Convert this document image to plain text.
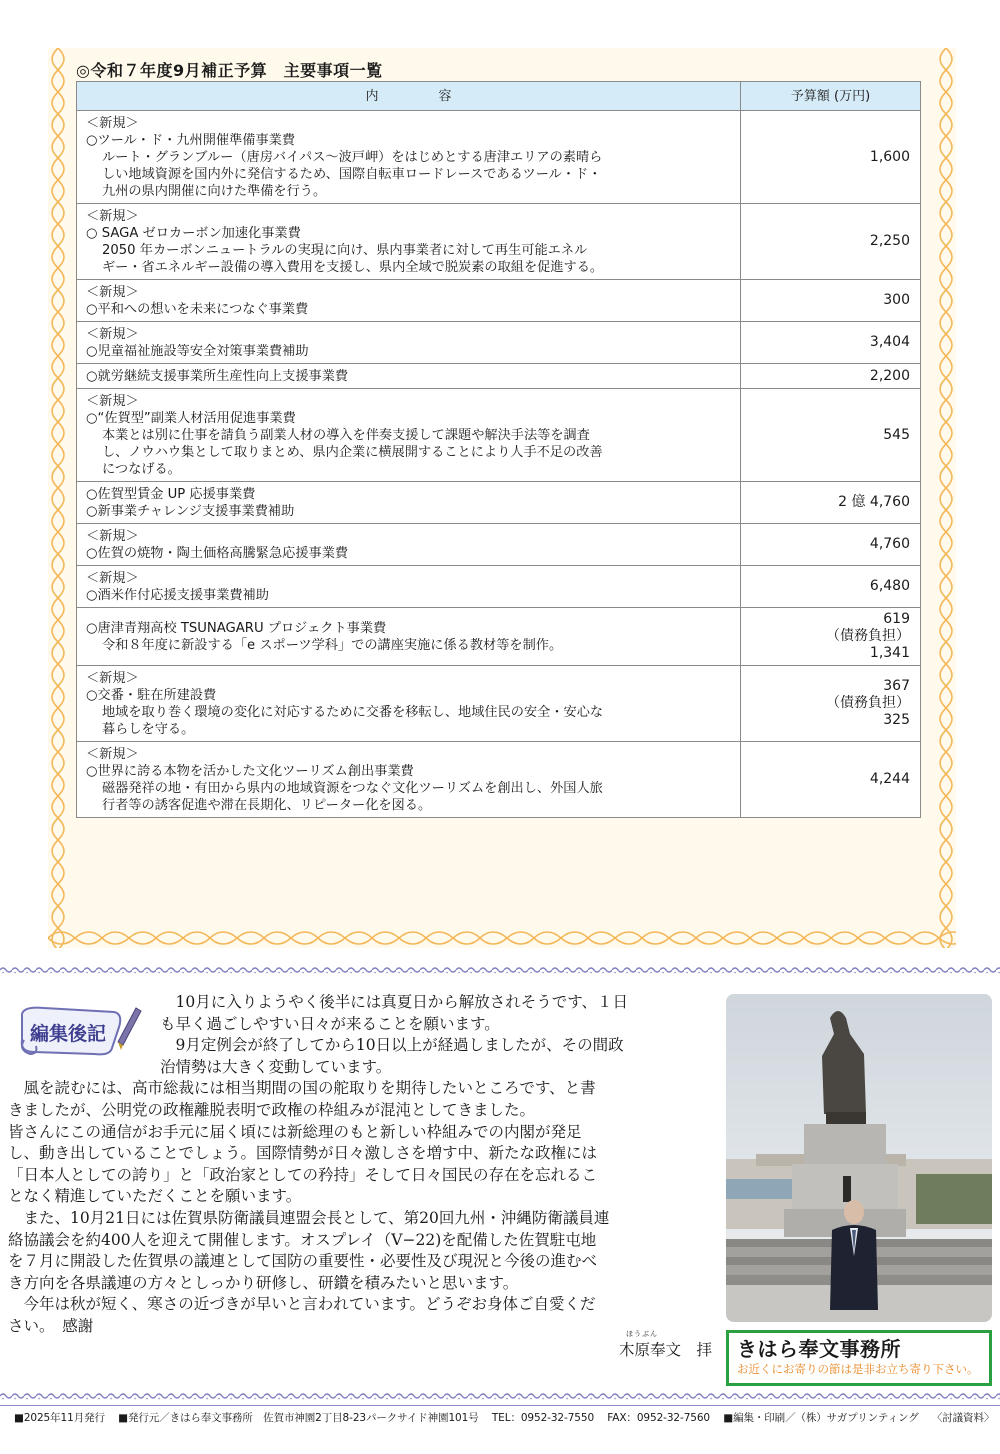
◎令和７年度9月補正予算　主要事項一覧
内容	予算額 (万円)

＜新規＞
○ツール・ド・九州開催準備事業費
ルート・グランブルー（唐房バイパス～波戸岬）をはじめとする唐津エリアの素晴ら
しい地域資源を国内外に発信するため、国際自転車ロードレースであるツール・ド・
九州の県内開催に向けた準備を行う。	1,600

＜新規＞
○ SAGA ゼロカーボン加速化事業費
2050 年カーボンニュートラルの実現に向け、県内事業者に対して再生可能エネル
ギー・省エネルギー設備の導入費用を支援し、県内全域で脱炭素の取組を促進する。	2,250

＜新規＞
○平和への想いを未来につなぐ事業費	300

＜新規＞
○児童福祉施設等安全対策事業費補助	3,404

○就労継続支援事業所生産性向上支援事業費	2,200

＜新規＞
○“佐賀型”副業人材活用促進事業費
本業とは別に仕事を請負う副業人材の導入を伴奏支援して課題や解決手法等を調査
し、ノウハウ集として取りまとめ、県内企業に横展開することにより人手不足の改善
につなげる。	545

○佐賀型賃金 UP 応援事業費
○新事業チャレンジ支援事業費補助	2 億 4,760

＜新規＞
○佐賀の焼物・陶土価格高騰緊急応援事業費	4,760

＜新規＞
○酒米作付応援支援事業費補助	6,480

○唐津青翔高校 TSUNAGARU プロジェクト事業費
令和８年度に新設する「e スポーツ学科」での講座実施に係る教材等を制作。	619
（債務負担）
1,341

＜新規＞
○交番・駐在所建設費
地域を取り巻く環境の変化に対応するために交番を移転し、地域住民の安全・安心な
暮らしを守る。	367
（債務負担）
325

＜新規＞
○世界に誇る本物を活かした文化ツーリズム創出事業費
磁器発祥の地・有田から県内の地域資源をつなぐ文化ツーリズムを創出し、外国人旅
行者等の誘客促進や滞在長期化、リピーター化を図る。	4,244
編集後記
　10月に入りようやく後半には真夏日から解放されそうです、１日
も早く過ごしやすい日々が来ることを願います。
　9月定例会が終了してから10日以上が経過しましたが、その間政
治情勢は大きく変動しています。
　風を読むには、高市総裁には相当期間の国の舵取りを期待したいところです、と書
きましたが、公明党の政権離脱表明で政権の枠組みが混沌としてきました。
皆さんにこの通信がお手元に届く頃には新総理のもと新しい枠組みでの内閣が発足
し、動き出していることでしょう。国際情勢が日々激しさを増す中、新たな政権には
「日本人としての誇り」と「政治家としての矜持」そして日々国民の存在を忘れるこ
となく精進していただくことを願います。
　また、10月21日には佐賀県防衛議員連盟会長として、第20回九州・沖縄防衛議員連
絡協議会を約400人を迎えて開催します。オスプレイ（V−22)を配備した佐賀駐屯地
を７月に開設した佐賀県の議連として国防の重要性・必要性及び現況と今後の進むべ
き方向を各県議連の方々としっかり研修し、研鑽を積みたいと思います。
　今年は秋が短く、寒さの近づきが早いと言われています。どうぞお身体ご自愛くだ
さい。　感謝	ほうぶん
木原奉文　拝 きはら奉文事務所
お近くにお寄りの節は是非お立ち寄り下さい。
■2025年11月発行 ■発行元／きはら奉文事務所　佐賀市神園2丁目8-23パークサイド神園101号 TEL：0952-32-7550 FAX：0952-32-7560 ■編集・印刷／（株）サガプリンティング 〈討議資料〉
